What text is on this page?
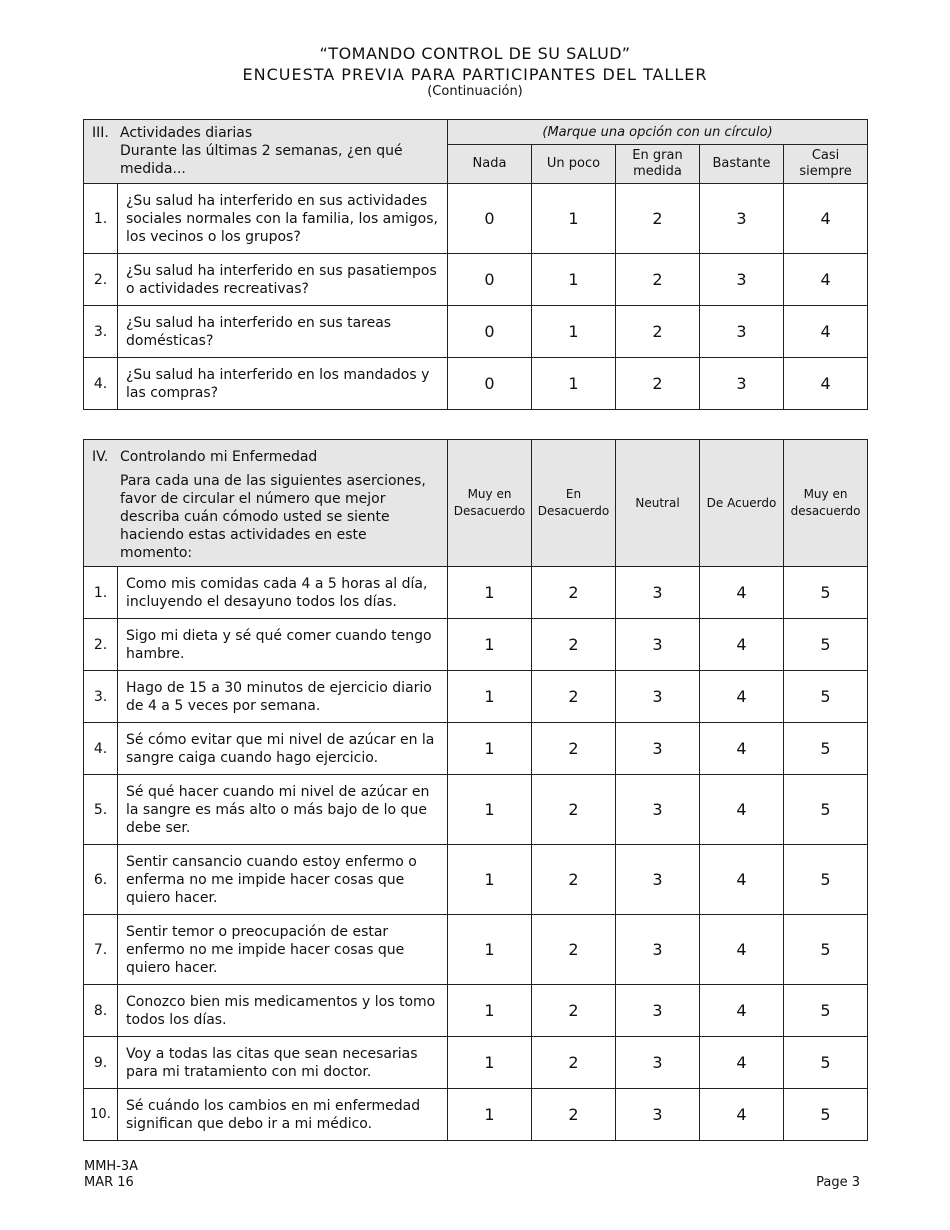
“TOMANDO CONTROL DE SU SALUD”
ENCUESTA PREVIA PARA PARTICIPANTES DEL TALLER
(Continuación)
III. Actividades diarias
Durante las últimas 2 semanas, ¿en qué medida...		(Marque una opción con un círculo)				
		Nada	Un poco	En gran medida	Bastante	Casi siempre
1.	¿Su salud ha interferido en sus actividades sociales normales con la familia, los amigos, los vecinos o los grupos?	0	1	2	3	4
2.	¿Su salud ha interferido en sus pasatiempos o actividades recreativas?	0	1	2	3	4
3.	¿Su salud ha interferido en sus tareas domésticas?	0	1	2	3	4
4.	¿Su salud ha interferido en los mandados y las compras?	0	1	2	3	4
IV. Controlando mi Enfermedad
Para cada una de las siguientes aserciones, favor de circular el número que mejor describa cuán cómodo usted se siente haciendo estas actividades en este momento:		Muy en Desacuerdo	En Desacuerdo	Neutral	De Acuerdo	Muy en desacuerdo
1.	Como mis comidas cada 4 a 5 horas al día, incluyendo el desayuno todos los días.	1	2	3	4	5
2.	Sigo mi dieta y sé qué comer cuando tengo hambre.	1	2	3	4	5
3.	Hago de 15 a 30 minutos de ejercicio diario de 4 a 5 veces por semana.	1	2	3	4	5
4.	Sé cómo evitar que mi nivel de azúcar en la sangre caiga cuando hago ejercicio.	1	2	3	4	5
5.	Sé qué hacer cuando mi nivel de azúcar en la sangre es más alto o más bajo de lo que debe ser.	1	2	3	4	5
6.	Sentir cansancio cuando estoy enfermo o enferma no me impide hacer cosas que quiero hacer.	1	2	3	4	5
7.	Sentir temor o preocupación de estar enfermo no me impide hacer cosas que quiero hacer.	1	2	3	4	5
8.	Conozco bien mis medicamentos y los tomo todos los días.	1	2	3	4	5
9.	Voy a todas las citas que sean necesarias para mi tratamiento con mi doctor.	1	2	3	4	5
10.	Sé cuándo los cambios en mi enfermedad significan que debo ir a mi médico.	1	2	3	4	5
MMH-3A
MAR 16	Page 3
